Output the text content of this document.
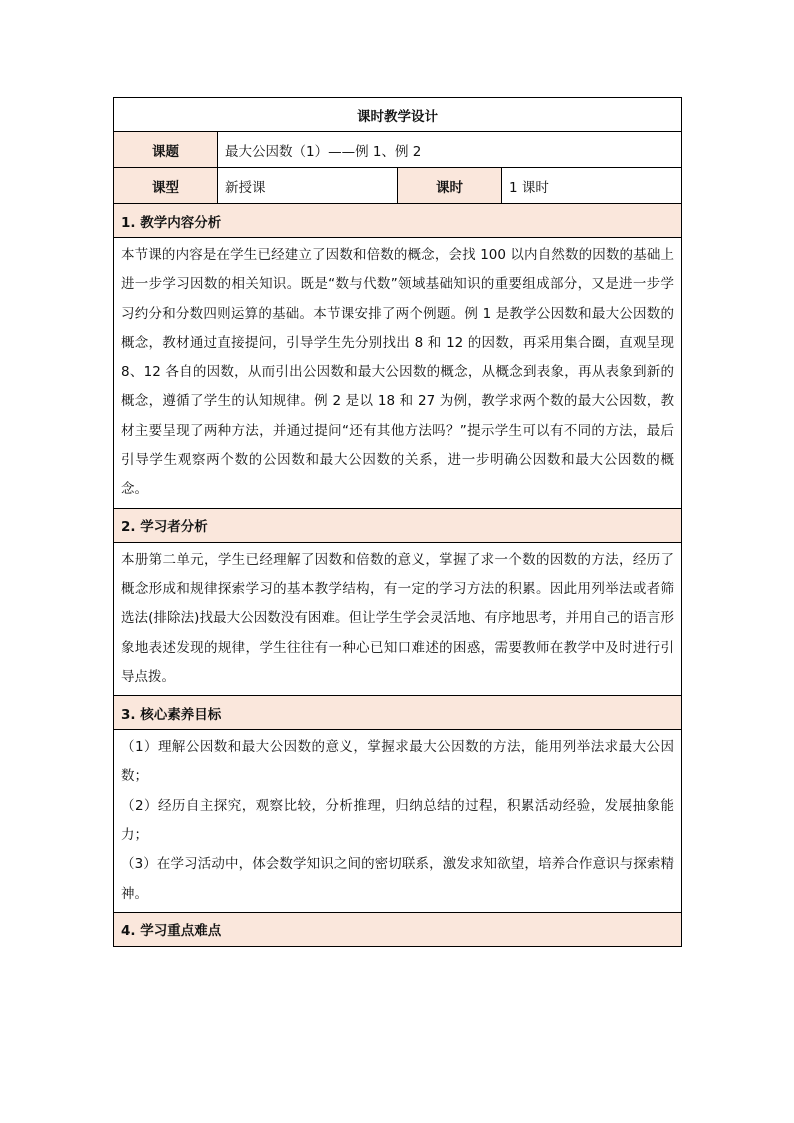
课时教学设计			
课题	最大公因数（1）——例 1、例 2		
课型	新授课	课时	1 课时
1. 教学内容分析			
本节课的内容是在学生已经建立了因数和倍数的概念，会找 100 以内自然数的因数的基础上进一步学习因数的相关知识。既是“数与代数”领域基础知识的重要组成部分，又是进一步学习约分和分数四则运算的基础。本节课安排了两个例题。例 1 是教学公因数和最大公因数的概念，教材通过直接提问，引导学生先分别找出 8 和 12 的因数，再采用集合圈，直观呈现 8、12 各自的因数，从而引出公因数和最大公因数的概念，从概念到表象，再从表象到新的概念，遵循了学生的认知规律。例 2 是以 18 和 27 为例，教学求两个数的最大公因数，教材主要呈现了两种方法，并通过提问“还有其他方法吗？”提示学生可以有不同的方法，最后引导学生观察两个数的公因数和最大公因数的关系，进一步明确公因数和最大公因数的概念。			
2. 学习者分析			
本册第二单元，学生已经理解了因数和倍数的意义，掌握了求一个数的因数的方法，经历了概念形成和规律探索学习的基本教学结构，有一定的学习方法的积累。因此用列举法或者筛选法(排除法)找最大公因数没有困难。但让学生学会灵活地、有序地思考，并用自己的语言形象地表述发现的规律，学生往往有一种心已知口难述的困惑，需要教师在教学中及时进行引导点拨。			
3. 核心素养目标			

（1）理解公因数和最大公因数的意义，掌握求最大公因数的方法，能用列举法求最大公因数；
（2）经历自主探究，观察比较，分析推理，归纳总结的过程，积累活动经验，发展抽象能力；
（3）在学习活动中，体会数学知识之间的密切联系，激发求知欲望，培养合作意识与探索精神。			

4. 学习重点难点			
